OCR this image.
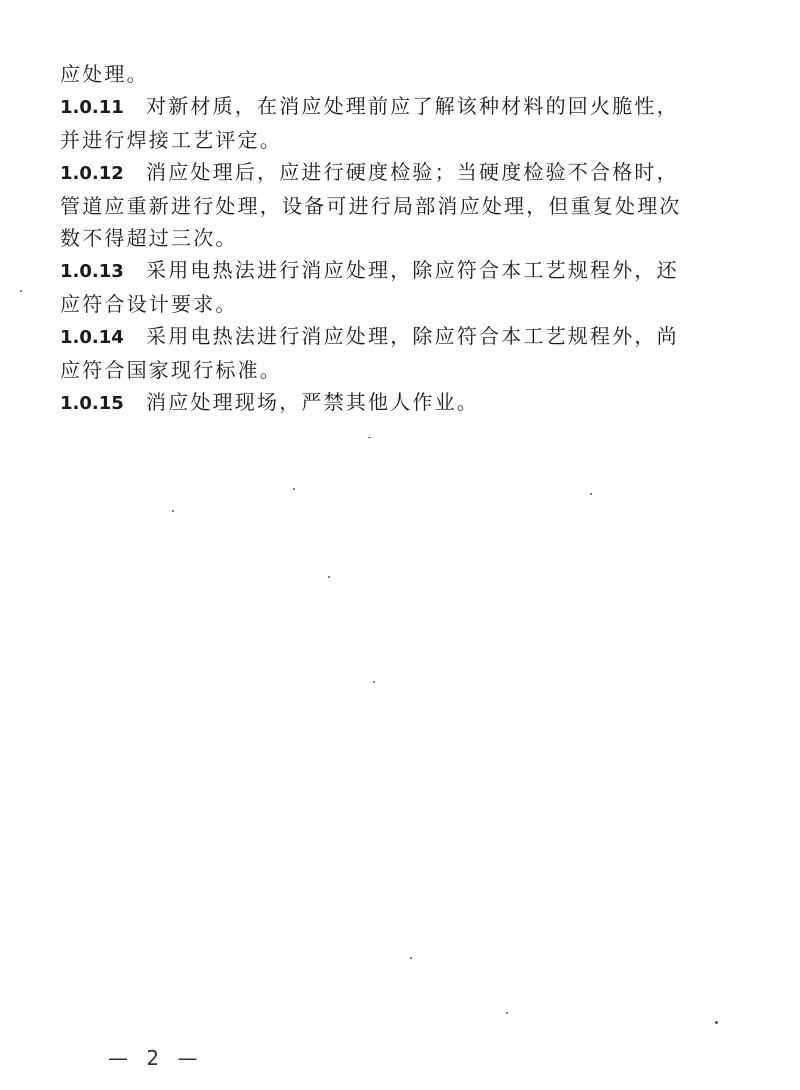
应处理。
1.0.11	对新材质，在消应处理前应了解该种材料的回火脆性，
并进行焊接工艺评定。
1.0.12	消应处理后，应进行硬度检验；当硬度检验不合格时，
管道应重新进行处理，设备可进行局部消应处理，但重复处理次
数不得超过三次。
1.0.13	采用电热法进行消应处理，除应符合本工艺规程外，还
应符合设计要求。
1.0.14	采用电热法进行消应处理，除应符合本工艺规程外，尚
应符合国家现行标准。
1.0.15	消应处理现场，严禁其他人作业。
— 2 —
